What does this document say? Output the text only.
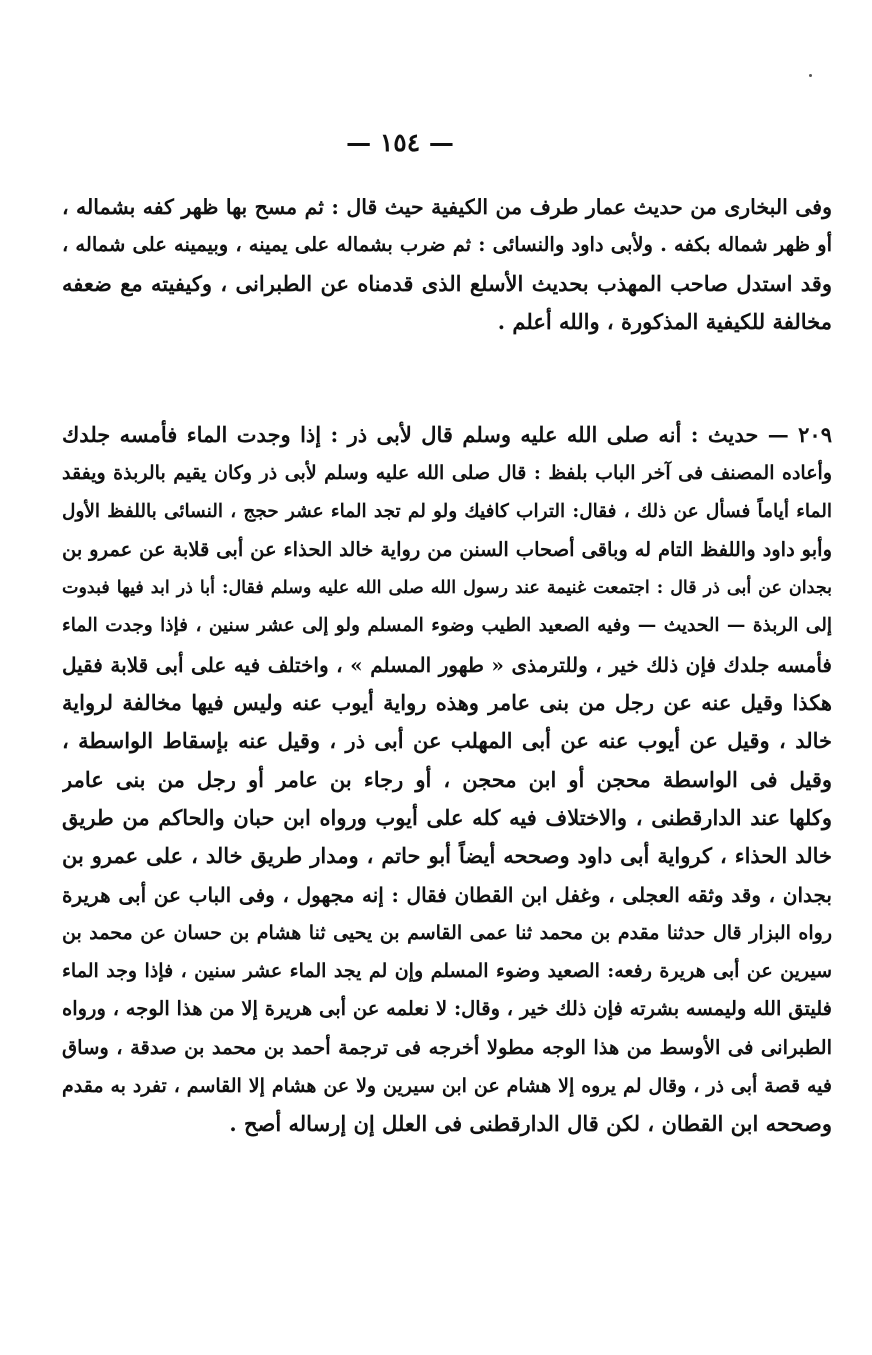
— ١٥٤ —
وفى البخارى من حديث عمار طرف من الكيفية حيث قال : ثم مسح بها ظهر كفه بشماله ،
أو ظهر شماله بكفه . ولأبى داود والنسائى : ثم ضرب بشماله على يمينه ، وبيمينه على شماله ،
وقد استدل صاحب المهذب بحديث الأسلع الذى قدمناه عن الطبرانى ، وكيفيته مع ضعفه
مخالفة للكيفية المذكورة ، والله أعلم .
٢٠٩ — حديث : أنه صلى الله عليه وسلم قال لأبى ذر : إذا وجدت الماء فأمسه جلدك
وأعاده المصنف فى آخر الباب بلفظ : قال صلى الله عليه وسلم لأبى ذر وكان يقيم بالربذة ويفقد
الماء أياماً فسأل عن ذلك ، فقال: التراب كافيك ولو لم تجد الماء عشر حجج ، النسائى باللفظ الأول
وأبو داود واللفظ التام له وباقى أصحاب السنن من رواية خالد الحذاء عن أبى قلابة عن عمرو بن
بجدان عن أبى ذر قال : اجتمعت غنيمة عند رسول الله صلى الله عليه وسلم فقال: أبا ذر ابد فيها فبدوت
إلى الربذة — الحديث — وفيه الصعيد الطيب وضوء المسلم ولو إلى عشر سنين ، فإذا وجدت الماء
فأمسه جلدك فإن ذلك خير ، وللترمذى « طهور المسلم » ، واختلف فيه على أبى قلابة فقيل
هكذا وقيل عنه عن رجل من بنى عامر وهذه رواية أيوب عنه وليس فيها مخالفة لرواية
خالد ، وقيل عن أيوب عنه عن أبى المهلب عن أبى ذر ، وقيل عنه بإسقاط الواسطة ،
وقيل فى الواسطة محجن أو ابن محجن ، أو رجاء بن عامر أو رجل من بنى عامر
وكلها عند الدارقطنى ، والاختلاف فيه كله على أيوب ورواه ابن حبان والحاكم من طريق
خالد الحذاء ، كرواية أبى داود وصححه أيضاً أبو حاتم ، ومدار طريق خالد ، على عمرو بن
بجدان ، وقد وثقه العجلى ، وغفل ابن القطان فقال : إنه مجهول ، وفى الباب عن أبى هريرة
رواه البزار قال حدثنا مقدم بن محمد ثنا عمى القاسم بن يحيى ثنا هشام بن حسان عن محمد بن
سيرين عن أبى هريرة رفعه: الصعيد وضوء المسلم وإن لم يجد الماء عشر سنين ، فإذا وجد الماء
فليتق الله وليمسه بشرته فإن ذلك خير ، وقال: لا نعلمه عن أبى هريرة إلا من هذا الوجه ، ورواه
الطبرانى فى الأوسط من هذا الوجه مطولا أخرجه فى ترجمة أحمد بن محمد بن صدقة ، وساق
فيه قصة أبى ذر ، وقال لم يروه إلا هشام عن ابن سيرين ولا عن هشام إلا القاسم ، تفرد به مقدم
وصححه ابن القطان ، لكن قال الدارقطنى فى العلل إن إرساله أصح .
